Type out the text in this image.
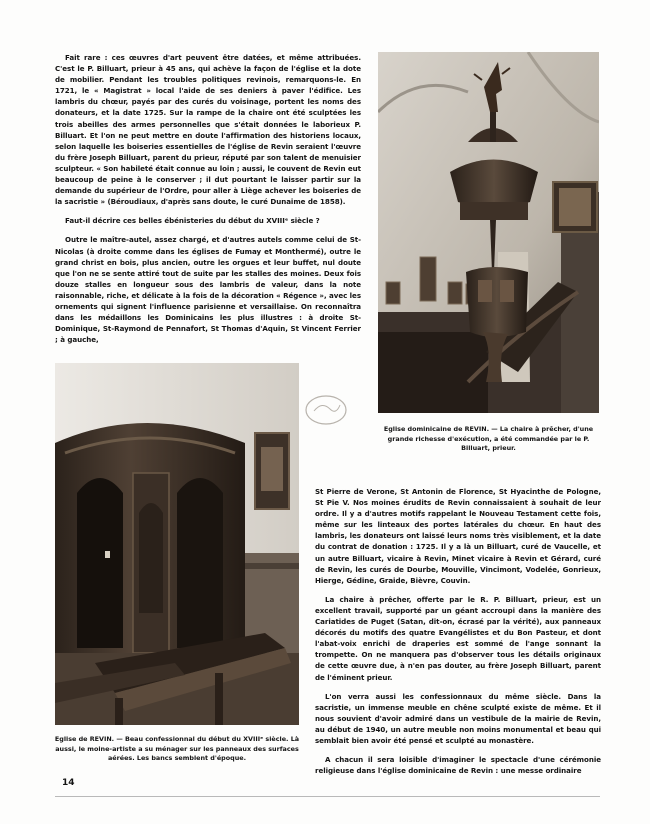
Fait rare : ces œuvres d'art peuvent être datées, et même attribuées. C'est le P. Billuart, prieur à 45 ans, qui achève la façon de l'église et la dote de mobilier. Pendant les troubles politiques revinois, remarquons-le. En 1721, le « Magistrat » local l'aide de ses deniers à paver l'édifice. Les lambris du chœur, payés par des curés du voisinage, portent les noms des donateurs, et la date 1725. Sur la rampe de la chaire ont été sculptées les trois abeilles des armes personnelles que s'était données le laborieux P. Billuart. Et l'on ne peut mettre en doute l'affirmation des historiens locaux, selon laquelle les boiseries essentielles de l'église de Revin seraient l'œuvre du frère Joseph Billuart, parent du prieur, réputé par son talent de menuisier sculpteur. « Son habileté était connue au loin ; aussi, le couvent de Revin eut beaucoup de peine à le conserver ; il dut pourtant le laisser partir sur la demande du supérieur de l'Ordre, pour aller à Liège achever les boiseries de la sacristie » (Béroudiaux, d'après sans doute, le curé Dunaime de 1858).

Faut-il décrire ces belles ébénisteries du début du XVIIIᵉ siècle ?

Outre le maître-autel, assez chargé, et d'autres autels comme celui de St-Nicolas (à droite comme dans les églises de Fumay et Monthermé), outre le grand christ en bois, plus ancien, outre les orgues et leur buffet, nul doute que l'on ne se sente attiré tout de suite par les stalles des moines. Deux fois douze stalles en longueur sous des lambris de valeur, dans la note raisonnable, riche, et délicate à la fois de la décoration « Régence », avec les ornements qui signent l'influence parisienne et versaillaise. On reconnaîtra dans les médaillons les Dominicains les plus illustres : à droite St-Dominique, St-Raymond de Pennafort, St Thomas d'Aquin, St Vincent Ferrier ; à gauche,

Eglise dominicaine de REVIN. — La chaire à prêcher, d'une grande richesse d'exécution, a été commandée par le P. Billuart, prieur.
Eglise de REVIN. — Beau confessionnal du début du XVIIIᵉ siècle. Là aussi, le moine-artiste a su ménager sur les panneaux des surfaces aérées. Les bancs semblent d'époque.

St Pierre de Verone, St Antonin de Florence, St Hyacinthe de Pologne, St Pie V. Nos moines érudits de Revin connaissaient à souhait de leur ordre. Il y a d'autres motifs rappelant le Nouveau Testament cette fois, même sur les linteaux des portes latérales du chœur. En haut des lambris, les donateurs ont laissé leurs noms très visiblement, et la date du contrat de donation : 1725. Il y a là un Billuart, curé de Vaucelle, et un autre Billuart, vicaire à Revin, Minet vicaire à Revin et Gérard, curé de Revin, les curés de Dourbe, Mouville, Vincimont, Vodelée, Gonrieux, Hierge, Gédine, Graide, Bièvre, Couvin.

La chaire à prêcher, offerte par le R. P. Billuart, prieur, est un excellent travail, supporté par un géant accroupi dans la manière des Cariatides de Puget (Satan, dit-on, écrasé par la vérité), aux panneaux décorés du motifs des quatre Evangélistes et du Bon Pasteur, et dont l'abat-voix enrichi de draperies est sommé de l'ange sonnant la trompette. On ne manquera pas d'observer tous les détails originaux de cette œuvre due, à n'en pas douter, au frère Joseph Billuart, parent de l'éminent prieur.

L'on verra aussi les confessionnaux du même siècle. Dans la sacristie, un immense meuble en chêne sculpté existe de même. Et il nous souvient d'avoir admiré dans un vestibule de la mairie de Revin, au début de 1940, un autre meuble non moins monumental et beau qui semblait bien avoir été pensé et sculpté au monastère.

A chacun il sera loisible d'imaginer le spectacle d'une cérémonie religieuse dans l'église dominicaine de Revin : une messe ordinaire

14
